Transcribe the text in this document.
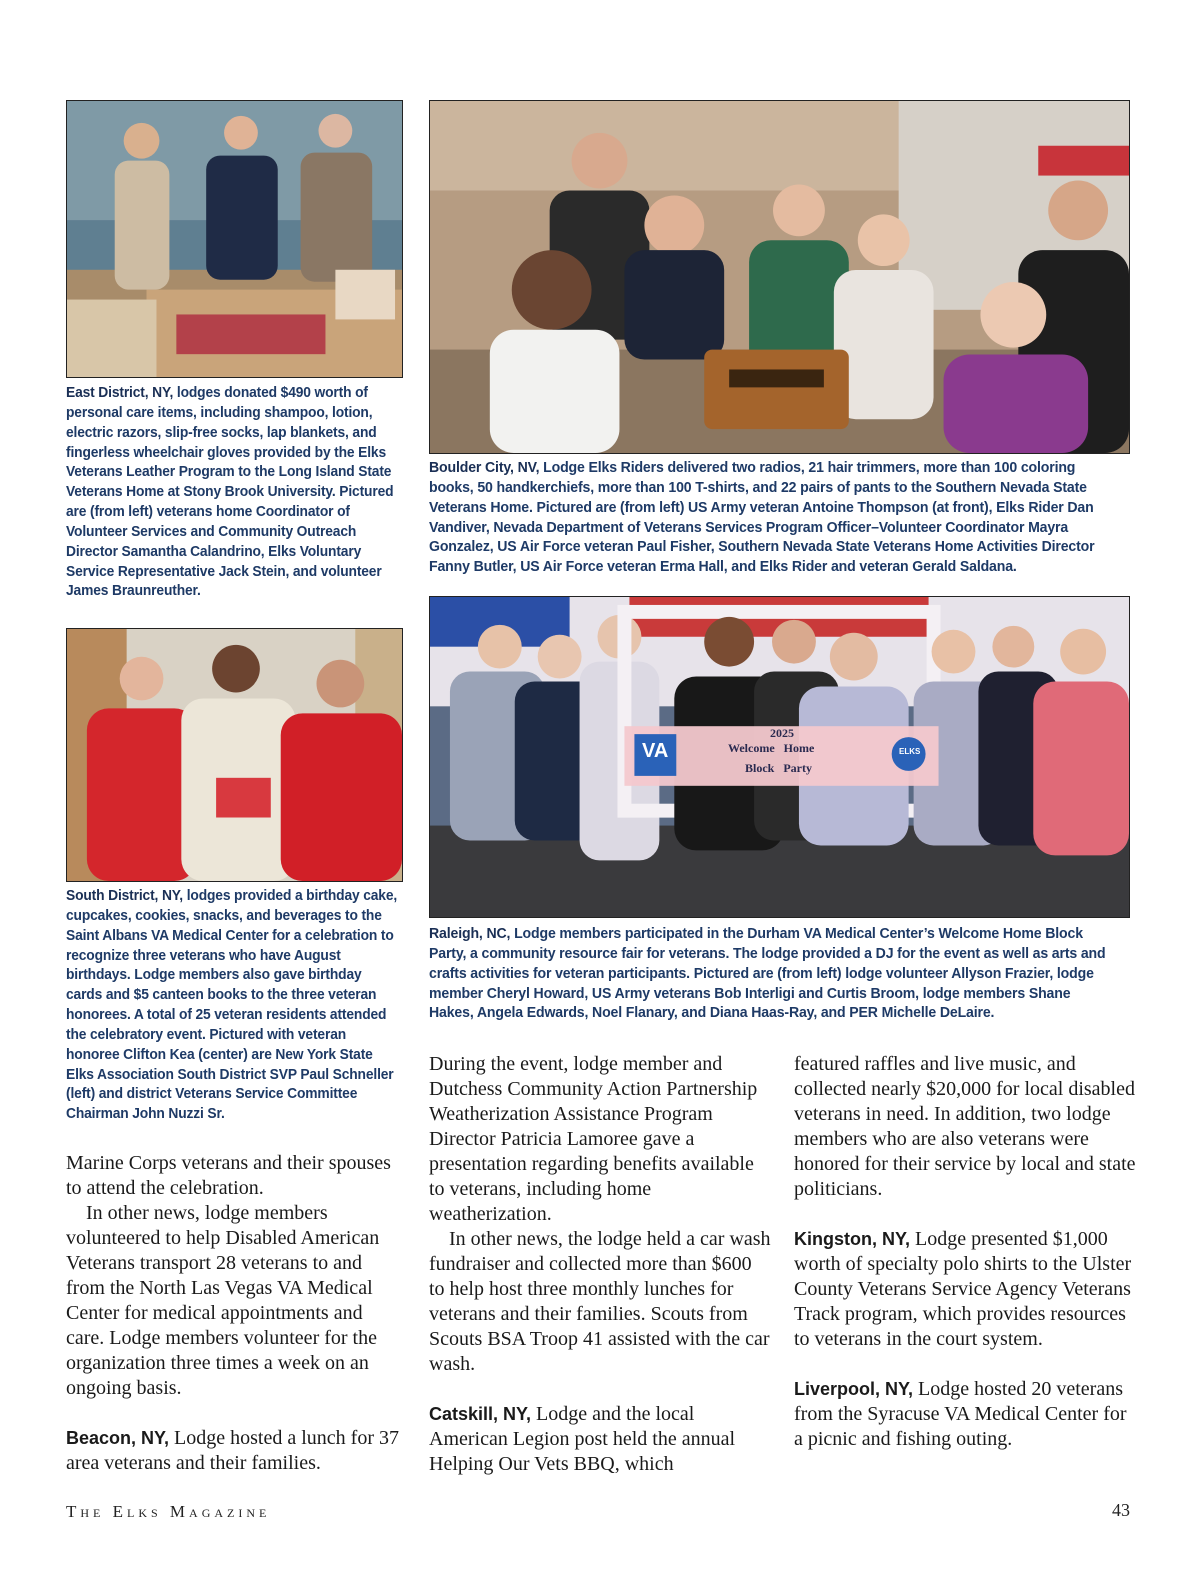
2025
Welcome   Home
Block   Party
VA	ELKS

East District, NY, lodges donated $490 worth of personal care items, including shampoo, lotion, electric razors, slip-free socks, lap blankets, and fingerless wheelchair gloves provided by the Elks Veterans Leather Program to the Long Island State Veterans Home at Stony Brook University. Pictured are (from left) veterans home Coordinator of Volunteer Services and Community Outreach Director Samantha Calandrino, Elks Voluntary Service Representative Jack Stein, and volunteer James Braunreuther.

Boulder City, NV, Lodge Elks Riders delivered two radios, 21 hair trimmers, more than 100 coloring books, 50 handkerchiefs, more than 100 T-shirts, and 22 pairs of pants to the Southern Nevada State Veterans Home. Pictured are (from left) US Army veteran Antoine Thompson (at front), Elks Rider Dan Vandiver, Nevada Department of Veterans Services Program Officer–Volunteer Coordinator Mayra Gonzalez, US Air Force veteran Paul Fisher, Southern Nevada State Veterans Home Activities Director Fanny Butler, US Air Force veteran Erma Hall, and Elks Rider and veteran Gerald Saldana.

South District, NY, lodges provided a birthday cake, cupcakes, cookies, snacks, and beverages to the Saint Albans VA Medical Center for a celebration to recognize three veterans who have August birthdays. Lodge members also gave birthday cards and $5 canteen books to the three veteran honorees. A total of 25 veteran residents attended the celebratory event. Pictured with veteran honoree Clifton Kea (center) are New York State Elks Association South District SVP Paul Schneller (left) and district Veterans Service Committee Chairman John Nuzzi Sr.

Raleigh, NC, Lodge members participated in the Durham VA Medical Center’s Welcome Home Block Party, a community resource fair for veterans. The lodge provided a DJ for the event as well as arts and crafts activities for veteran participants. Pictured are (from left) lodge volunteer Allyson Frazier, lodge member Cheryl Howard, US Army veterans Bob Interligi and Curtis Broom, lodge members Shane Hakes, Angela Edwards, Noel Flanary, and Diana Haas-Ray, and PER Michelle DeLaire.

Marine Corps veterans and their spouses to attend the celebration.

In other news, lodge members volunteered to help Disabled American Veterans transport 28 veterans to and from the North Las Vegas VA Medical Center for medical appointments and care. Lodge members volunteer for the organization three times a week on an ongoing basis.

Beacon, NY, Lodge hosted a lunch for 37 area veterans and their families.

During the event, lodge member and Dutchess Community Action Partnership Weatherization Assistance Program Director Patricia Lamoree gave a presentation regarding benefits available to veterans, including home weatherization.

In other news, the lodge held a car wash fundraiser and collected more than $600 to help host three monthly lunches for veterans and their families. Scouts from Scouts BSA Troop 41 assisted with the car wash.

Catskill, NY, Lodge and the local American Legion post held the annual Helping Our Vets BBQ, which

featured raffles and live music, and collected nearly $20,000 for local disabled veterans in need. In addition, two lodge members who are also veterans were honored for their service by local and state politicians.

Kingston, NY, Lodge presented $1,000 worth of specialty polo shirts to the Ulster County Veterans Service Agency Veterans Track program, which provides resources to veterans in the court system.

Liverpool, NY, Lodge hosted 20 veterans from the Syracuse VA Medical Center for a picnic and fishing outing.

The Elks Magazine	43
